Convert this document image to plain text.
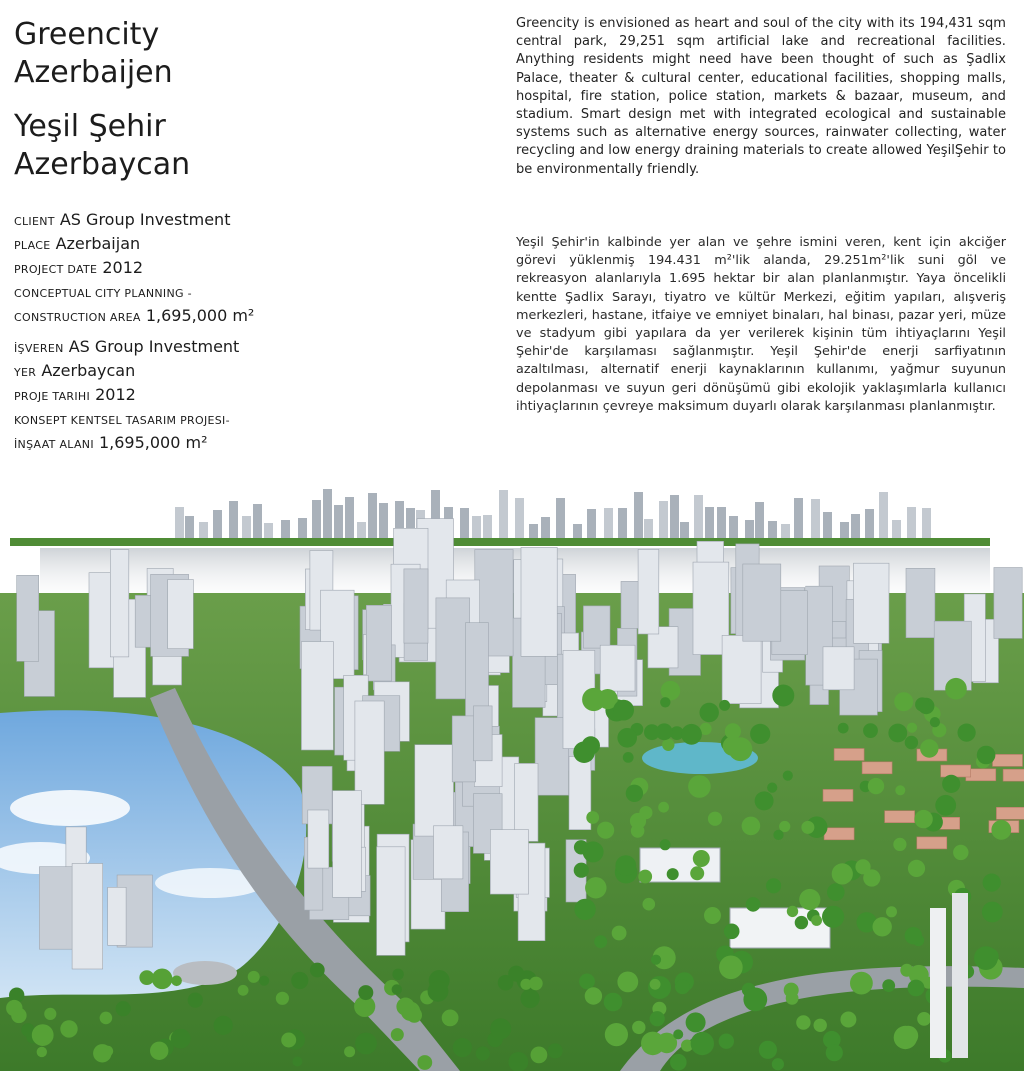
Greencity
Azerbaijen
Yeşil Şehir
Azerbaycan
CLIENT AS Group Investment
PLACE Azerbaijan
PROJECT DATE 2012
CONCEPTUAL CITY PLANNING -
CONSTRUCTION AREA 1,695,000 m²
İŞVEREN AS Group Investment
YER Azerbaycan
PROJE TARIHI 2012
KONSEPT KENTSEL TASARIM PROJESI-
İNŞAAT ALANI 1,695,000 m²

Greencity is envisioned as heart and soul of the city with its 194,431 sqm central park, 29,251 sqm artificial lake and recreational facilities. Anything residents might need have been thought of such as Şadlix Palace, theater & cultural center, educational facilities, shopping malls, hospital, fire station, police station, markets & bazaar, museum, and stadium. Smart design met with integrated ecological and sustainable systems such as alternative energy sources, rainwater collecting, water recycling and low energy draining materials to create allowed YeşilŞehir to be environmentally friendly.

Yeşil Şehir'in kalbinde yer alan ve şehre ismini veren, kent için akciğer görevi yüklenmiş 194.431 m²'lik alanda, 29.251m²'lik suni göl ve rekreasyon alanlarıyla 1.695 hektar bir alan planlanmıştır. Yaya öncelikli kentte Şadlix Sarayı, tiyatro ve kültür Merkezi, eğitim yapıları, alışveriş merkezleri, hastane, itfaiye ve emniyet binaları, hal binası, pazar yeri, müze ve stadyum gibi yapılara da yer verilerek kişinin tüm ihtiyaçlarını Yeşil Şehir'de karşılaması sağlanmıştır. Yeşil Şehir'de enerji sarfiyatının azaltılması, alternatif enerji kaynaklarının kullanımı, yağmur suyunun depolanması ve suyun geri dönüşümü gibi ekolojik yaklaşımlarla kullanıcı ihtiyaçlarının çevreye maksimum duyarlı olarak karşılanması planlanmıştır.
